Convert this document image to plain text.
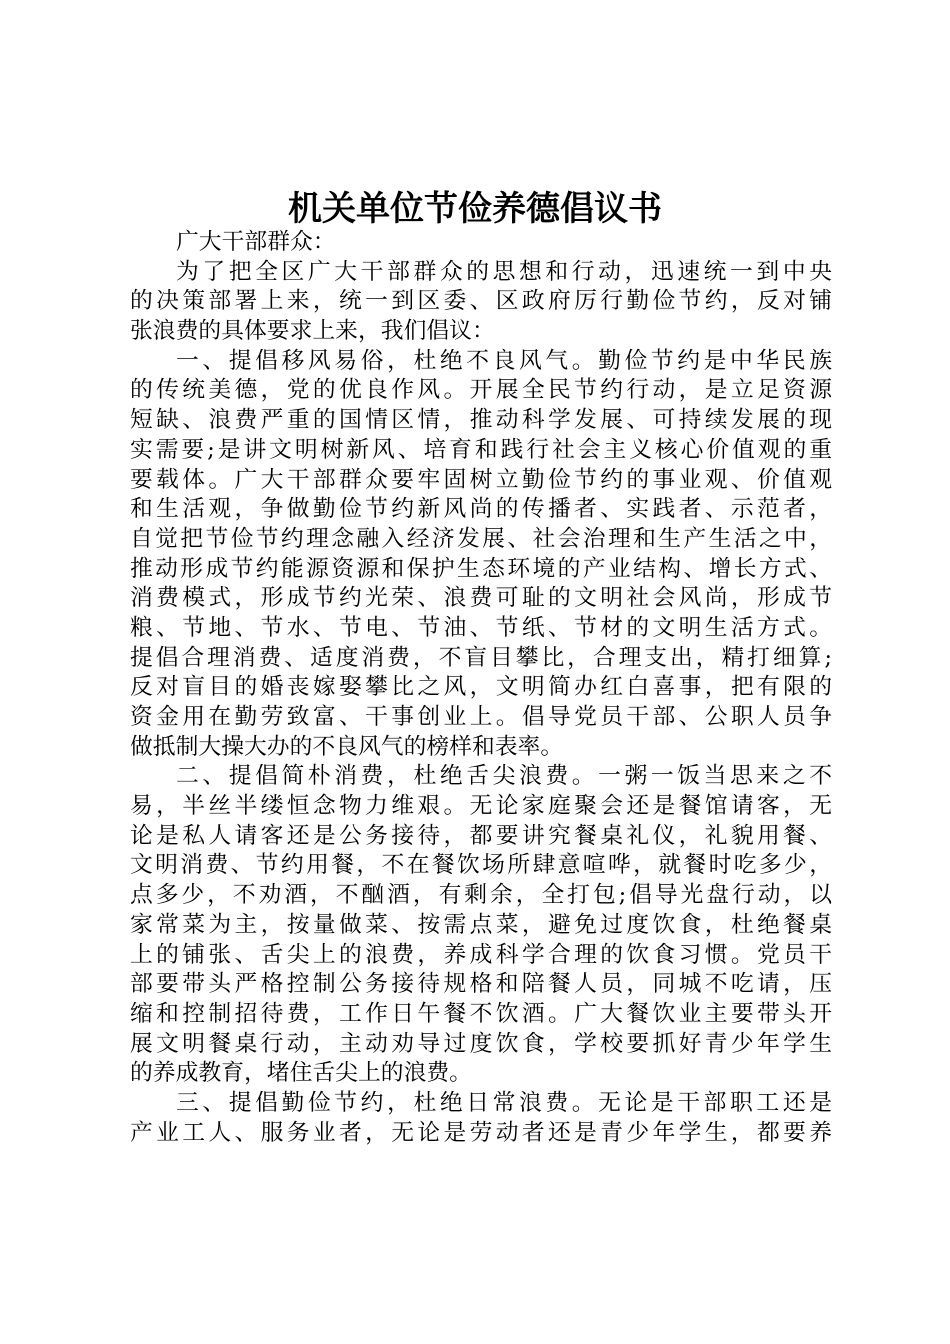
机关单位节俭养德倡议书
广大干部群众：
为了把全区广大干部群众的思想和行动，迅速统一到中央
的决策部署上来，统一到区委、区政府厉行勤俭节约，反对铺
张浪费的具体要求上来，我们倡议：
一、提倡移风易俗，杜绝不良风气。勤俭节约是中华民族
的传统美德，党的优良作风。开展全民节约行动，是立足资源
短缺、浪费严重的国情区情，推动科学发展、可持续发展的现
实需要;是讲文明树新风、培育和践行社会主义核心价值观的重
要载体。广大干部群众要牢固树立勤俭节约的事业观、价值观
和生活观，争做勤俭节约新风尚的传播者、实践者、示范者，
自觉把节俭节约理念融入经济发展、社会治理和生产生活之中，
推动形成节约能源资源和保护生态环境的产业结构、增长方式、
消费模式，形成节约光荣、浪费可耻的文明社会风尚，形成节
粮、节地、节水、节电、节油、节纸、节材的文明生活方式。
提倡合理消费、适度消费，不盲目攀比，合理支出，精打细算;
反对盲目的婚丧嫁娶攀比之风，文明简办红白喜事，把有限的
资金用在勤劳致富、干事创业上。倡导党员干部、公职人员争
做抵制大操大办的不良风气的榜样和表率。
二、提倡简朴消费，杜绝舌尖浪费。一粥一饭当思来之不
易，半丝半缕恒念物力维艰。无论家庭聚会还是餐馆请客，无
论是私人请客还是公务接待，都要讲究餐桌礼仪，礼貌用餐、
文明消费、节约用餐，不在餐饮场所肆意喧哗，就餐时吃多少，
点多少，不劝酒，不酗酒，有剩余，全打包;倡导光盘行动，以
家常菜为主，按量做菜、按需点菜，避免过度饮食，杜绝餐桌
上的铺张、舌尖上的浪费，养成科学合理的饮食习惯。党员干
部要带头严格控制公务接待规格和陪餐人员，同城不吃请，压
缩和控制招待费，工作日午餐不饮酒。广大餐饮业主要带头开
展文明餐桌行动，主动劝导过度饮食，学校要抓好青少年学生
的养成教育，堵住舌尖上的浪费。
三、提倡勤俭节约，杜绝日常浪费。无论是干部职工还是
产业工人、服务业者，无论是劳动者还是青少年学生，都要养
